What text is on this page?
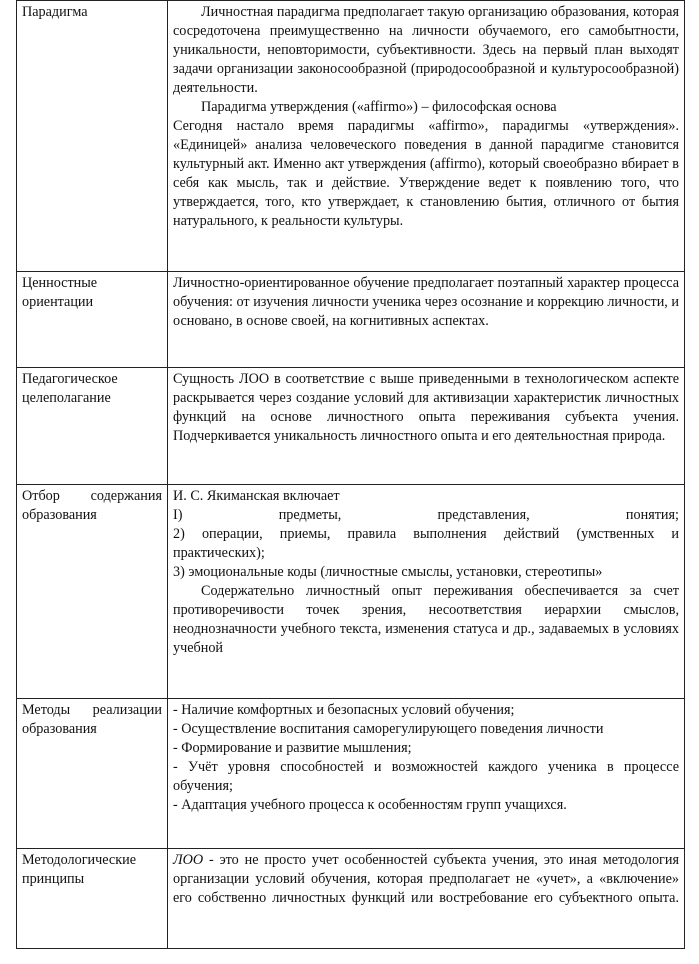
Парадигма	Личностная парадигма предполагает такую организацию образования, которая сосредоточена преимущественно на личности обучаемого, его самобытности, уникальности, неповторимости, субъективности. Здесь на первый план выходят задачи организации законосообразной (природосообразной и культуросообразной) деятельности.

Парадигма утверждения («affirmo») – философская основа

Сегодня настало время парадигмы «affirmo», парадигмы «утверждения». «Единицей» анализа человеческого поведения в данной парадигме становится культурный акт. Именно акт утверждения (affirmo), который своеобразно вбирает в себя как мысль, так и действие. Утверждение ведет к появлению того, что утверждается, того, кто утверждает, к становлению бытия, отличного от бытия натурального, к реальности культуры.

Ценностные ориентации	Личностно-ориентированное обучение предполагает поэтапный характер процесса обучения: от изучения личности ученика через осознание и коррекцию личности, и основано, в основе своей, на когнитивных аспектах.

Педагогическое целеполагание	Сущность ЛОО в соответствие с выше приведенными в технологическом аспекте раскрывается через создание условий для активизации характеристик личностных функций на основе личностного опыта переживания субъекта учения. Подчеркивается уникальность личностного опыта и его деятельностная природа.

Отбор содержания образования	И. С. Якиманская включает

I) предметы, представления, понятия;

2) операции, приемы, правила выполнения действий (умственных и практических);

3) эмоциональные коды (личностные смыслы, установки, стереотипы»

Содержательно личностный опыт переживания обеспечивается за счет противоречивости точек зрения, несоответствия иерархии смыслов, неоднозначности учебного текста, изменения статуса и др., задаваемых в условиях учебной

Методы реализации образования	- Наличие комфортных и безопасных условий обучения;

- Осуществление воспитания саморегулирующего поведения личности

- Формирование и развитие мышления;

- Учёт уровня способностей и возможностей каждого ученика в процессе обучения;

- Адаптация учебного процесса к особенностям групп учащихся.

Методологические принципы	ЛОО - это не просто учет особенностей субъекта учения, это иная методология организации условий обучения, которая предполагает не «учет», а «включение» его собственно личностных функций или востребование его субъектного опыта.
